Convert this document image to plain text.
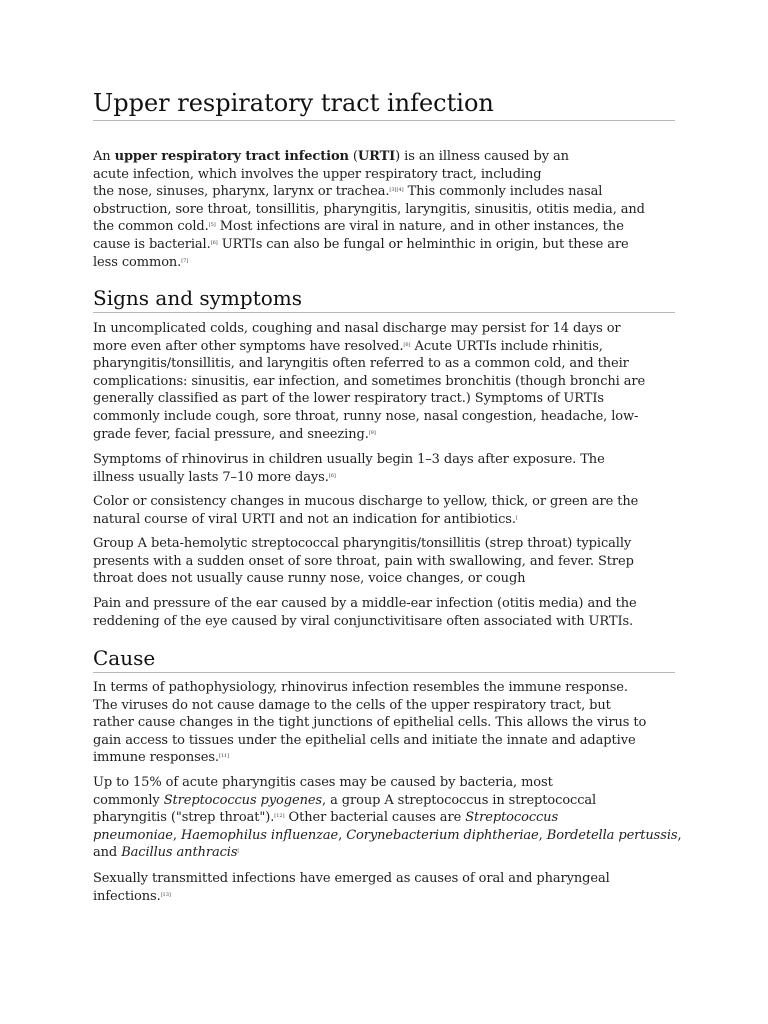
Upper respiratory tract infection

An upper respiratory tract infection (URTI) is an illness caused by an
acute infection, which involves the upper respiratory tract, including
the nose, sinuses, pharynx, larynx or trachea.[3][4] This commonly includes nasal
obstruction, sore throat, tonsillitis, pharyngitis, laryngitis, sinusitis, otitis media, and
the common cold.[5] Most infections are viral in nature, and in other instances, the
cause is bacterial.[6] URTIs can also be fungal or helminthic in origin, but these are
less common.[7]

Signs and symptoms

In uncomplicated colds, coughing and nasal discharge may persist for 14 days or
more even after other symptoms have resolved.[6] Acute URTIs include rhinitis,
pharyngitis/tonsillitis, and laryngitis often referred to as a common cold, and their
complications: sinusitis, ear infection, and sometimes bronchitis (though bronchi are
generally classified as part of the lower respiratory tract.) Symptoms of URTIs
commonly include cough, sore throat, runny nose, nasal congestion, headache, low-
grade fever, facial pressure, and sneezing.[9]

Symptoms of rhinovirus in children usually begin 1–3 days after exposure. The
illness usually lasts 7–10 more days.[6]

Color or consistency changes in mucous discharge to yellow, thick, or green are the
natural course of viral URTI and not an indication for antibiotics.[

Group A beta-hemolytic streptococcal pharyngitis/tonsillitis (strep throat) typically
presents with a sudden onset of sore throat, pain with swallowing, and fever. Strep
throat does not usually cause runny nose, voice changes, or cough

Pain and pressure of the ear caused by a middle-ear infection (otitis media) and the
reddening of the eye caused by viral conjunctivitisare often associated with URTIs.

Cause

In terms of pathophysiology, rhinovirus infection resembles the immune response.
The viruses do not cause damage to the cells of the upper respiratory tract, but
rather cause changes in the tight junctions of epithelial cells. This allows the virus to
gain access to tissues under the epithelial cells and initiate the innate and adaptive
immune responses.[11]

Up to 15% of acute pharyngitis cases may be caused by bacteria, most
commonly Streptococcus pyogenes, a group A streptococcus in streptococcal
pharyngitis ("strep throat").[12] Other bacterial causes are Streptococcus
pneumoniae, Haemophilus influenzae, Corynebacterium diphtheriae, Bordetella pertussis,
and Bacillus anthracis[

Sexually transmitted infections have emerged as causes of oral and pharyngeal
infections.[13]
